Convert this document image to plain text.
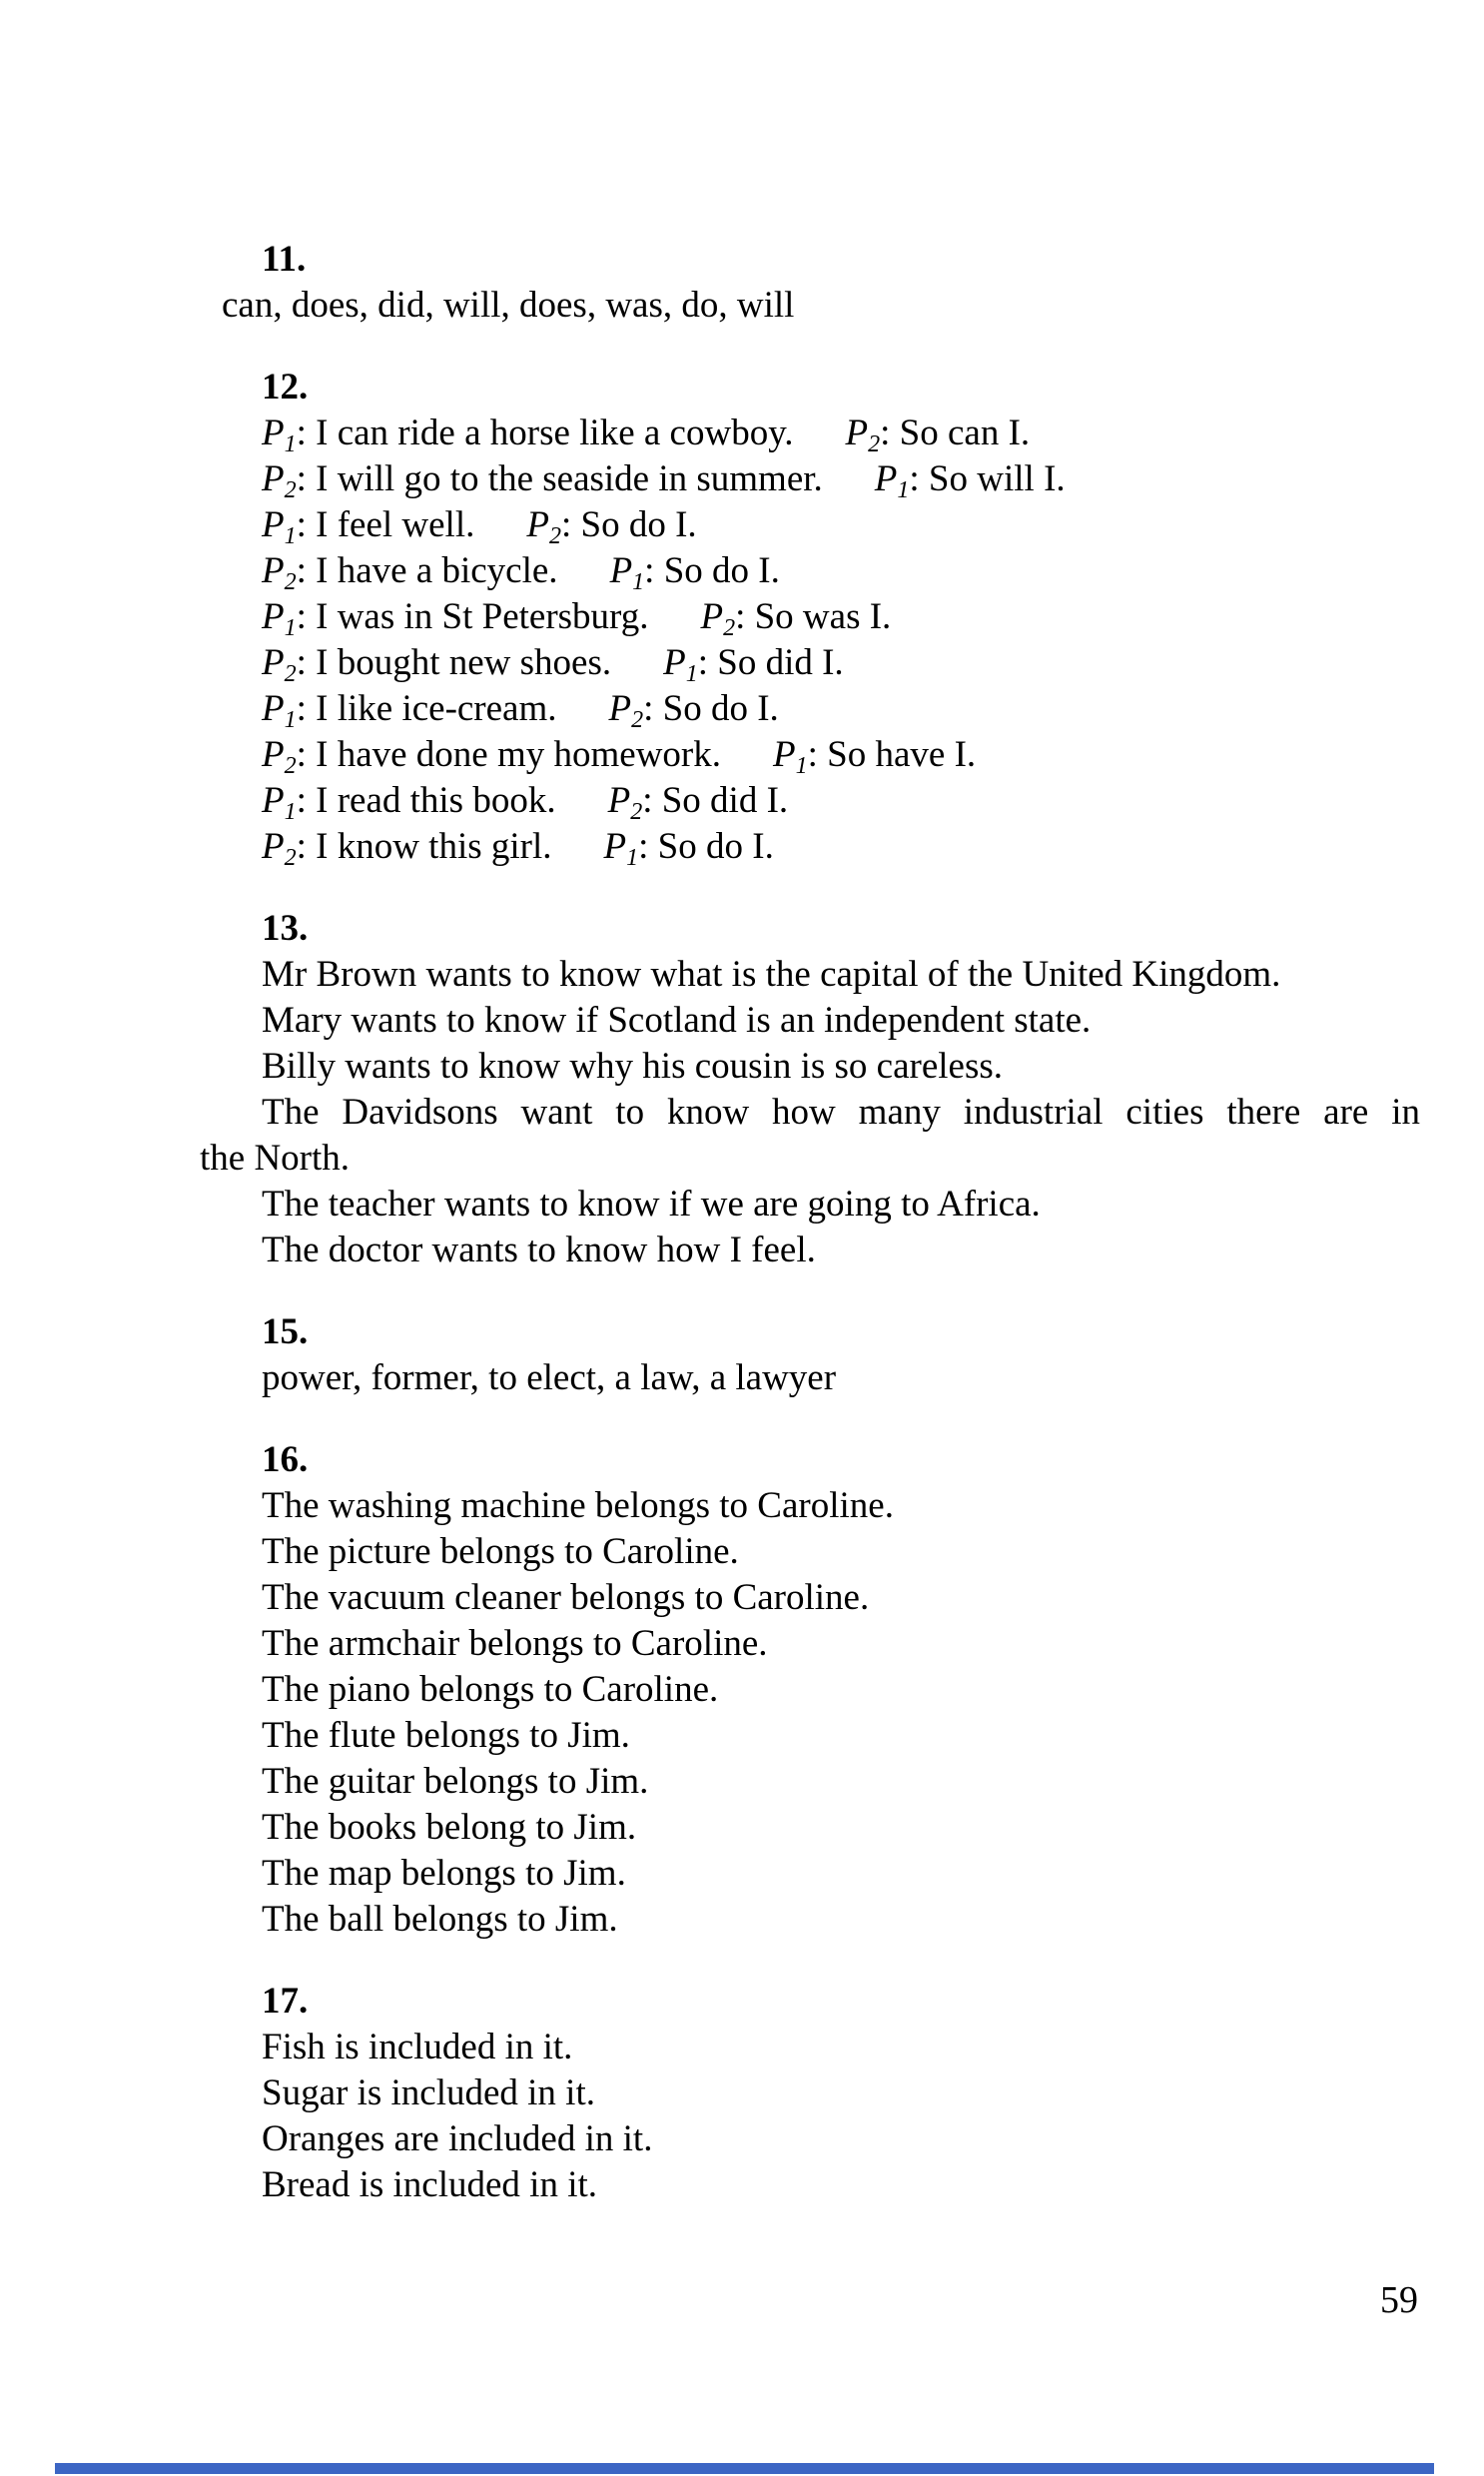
11.
can, does, did, will, does, was, do, will
12.
$P_1$: I can ride a horse like a cowboy. $P_2$: So can I.
$P_2$: I will go to the seaside in summer. $P_1$: So will I.
$P_1$: I feel well. $P_2$: So do I.
$P_2$: I have a bicycle. $P_1$: So do I.
$P_1$: I was in St Petersburg. $P_2$: So was I.
$P_2$: I bought new shoes. $P_1$: So did I.
$P_1$: I like ice-cream. $P_2$: So do I.
$P_2$: I have done my homework. $P_1$: So have I.
$P_1$: I read this book. $P_2$: So did I.
$P_2$: I know this girl. $P_1$: So do I.
13.
Mr Brown wants to know what is the capital of the United Kingdom.
Mary wants to know if Scotland is an independent state.
Billy wants to know why his cousin is so careless.
The Davidsons want to know how many industrial cities there are in
the North.
The teacher wants to know if we are going to Africa.
The doctor wants to know how I feel.
15.
power, former, to elect, a law, a lawyer
16.
The washing machine belongs to Caroline.
The picture belongs to Caroline.
The vacuum cleaner belongs to Caroline.
The armchair belongs to Caroline.
The piano belongs to Caroline.
The flute belongs to Jim.
The guitar belongs to Jim.
The books belong to Jim.
The map belongs to Jim.
The ball belongs to Jim.
17.
Fish is included in it.
Sugar is included in it.
Oranges are included in it.
Bread is included in it.
59
